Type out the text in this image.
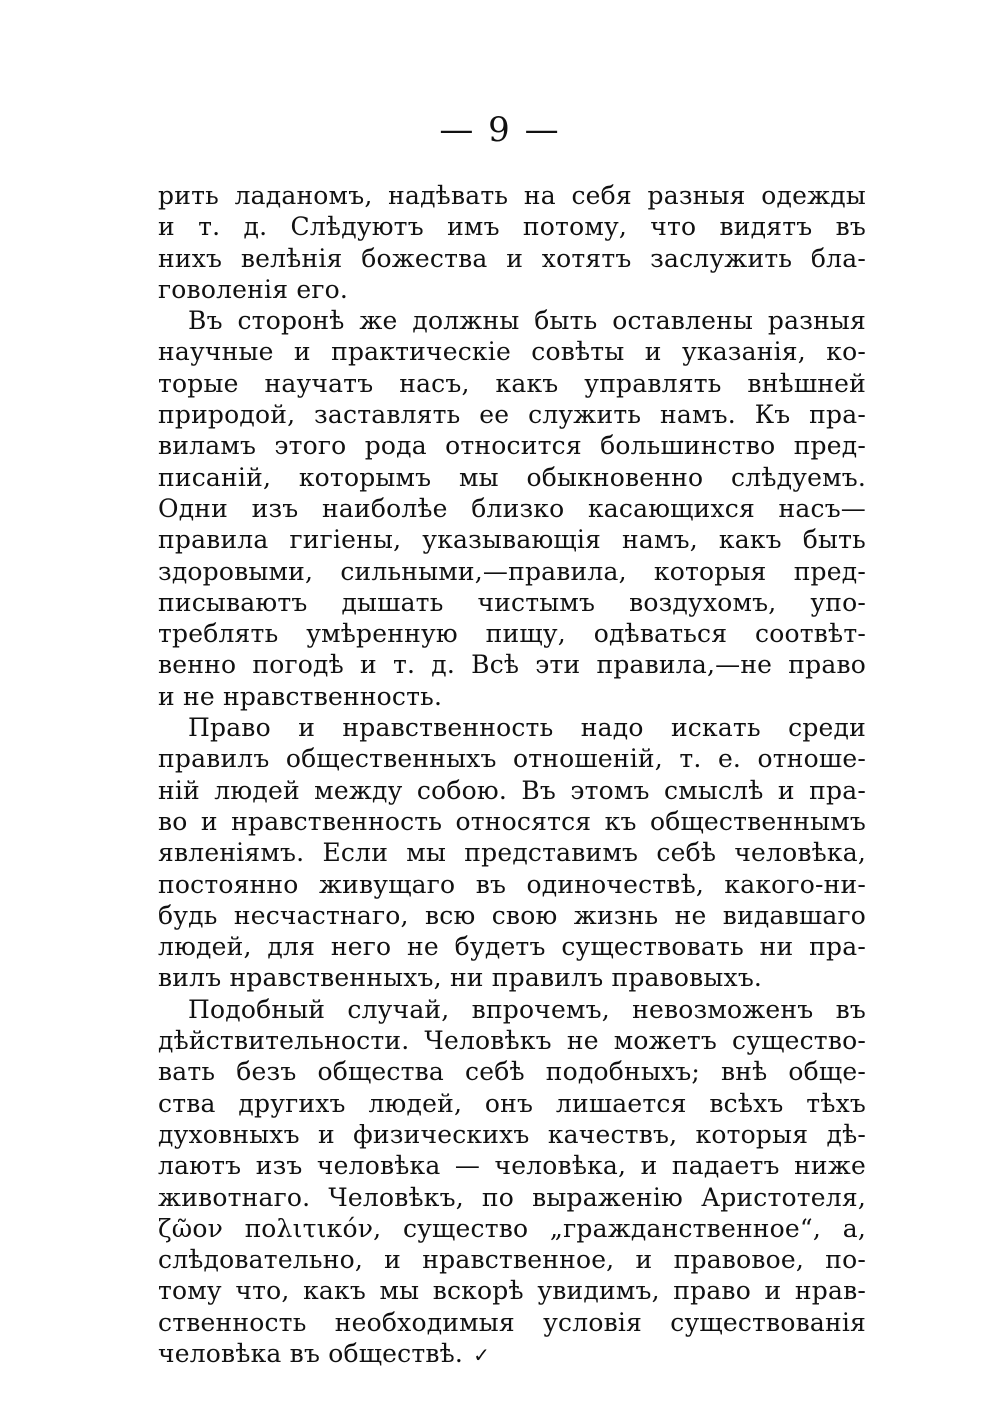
— 9 —
рить ладаномъ, надѣвать на себя разныя одежды
и т. д. Слѣдуютъ имъ потому, что видятъ въ
нихъ велѣнія божества и хотятъ заслужить бла-
говоленія его.
Въ сторонѣ же должны быть оставлены разныя
научные и практическіе совѣты и указанія, ко-
торые научатъ насъ, какъ управлять внѣшней
природой, заставлять ее служить намъ. Къ пра-
виламъ этого рода относится большинство пред-
писаній, которымъ мы обыкновенно слѣдуемъ.
Одни изъ наиболѣе близко касающихся насъ—
правила гигіены, указывающія намъ, какъ быть
здоровыми, сильными,—правила, которыя пред-
писываютъ дышать чистымъ воздухомъ, упо-
треблять умѣренную пищу, одѣваться соотвѣт-
венно погодѣ и т. д. Всѣ эти правила,—не право
и не нравственность.
Право и нравственность надо искать среди
правилъ общественныхъ отношеній, т. е. отноше-
ній людей между собою. Въ этомъ смыслѣ и пра-
во и нравственность относятся къ общественнымъ
явленіямъ. Если мы представимъ себѣ человѣка,
постоянно живущаго въ одиночествѣ, какого-ни-
будь несчастнаго, всю свою жизнь не видавшаго
людей, для него не будетъ существовать ни пра-
вилъ нравственныхъ, ни правилъ правовыхъ.
Подобный случай, впрочемъ, невозможенъ въ
дѣйствительности. Человѣкъ не можетъ существо-
вать безъ общества себѣ подобныхъ; внѣ обще-
ства другихъ людей, онъ лишается всѣхъ тѣхъ
духовныхъ и физическихъ качествъ, которыя дѣ-
лаютъ изъ человѣка — человѣка, и падаетъ ниже
животнаго. Человѣкъ, по выраженію Аристотеля,
ζῶον πολιτικόν, существо „гражданственное“, а,
слѣдовательно, и нравственное, и правовое, по-
тому что, какъ мы вскорѣ увидимъ, право и нрав-
ственность необходимыя условія существованія
человѣка въ обществѣ. ✓
